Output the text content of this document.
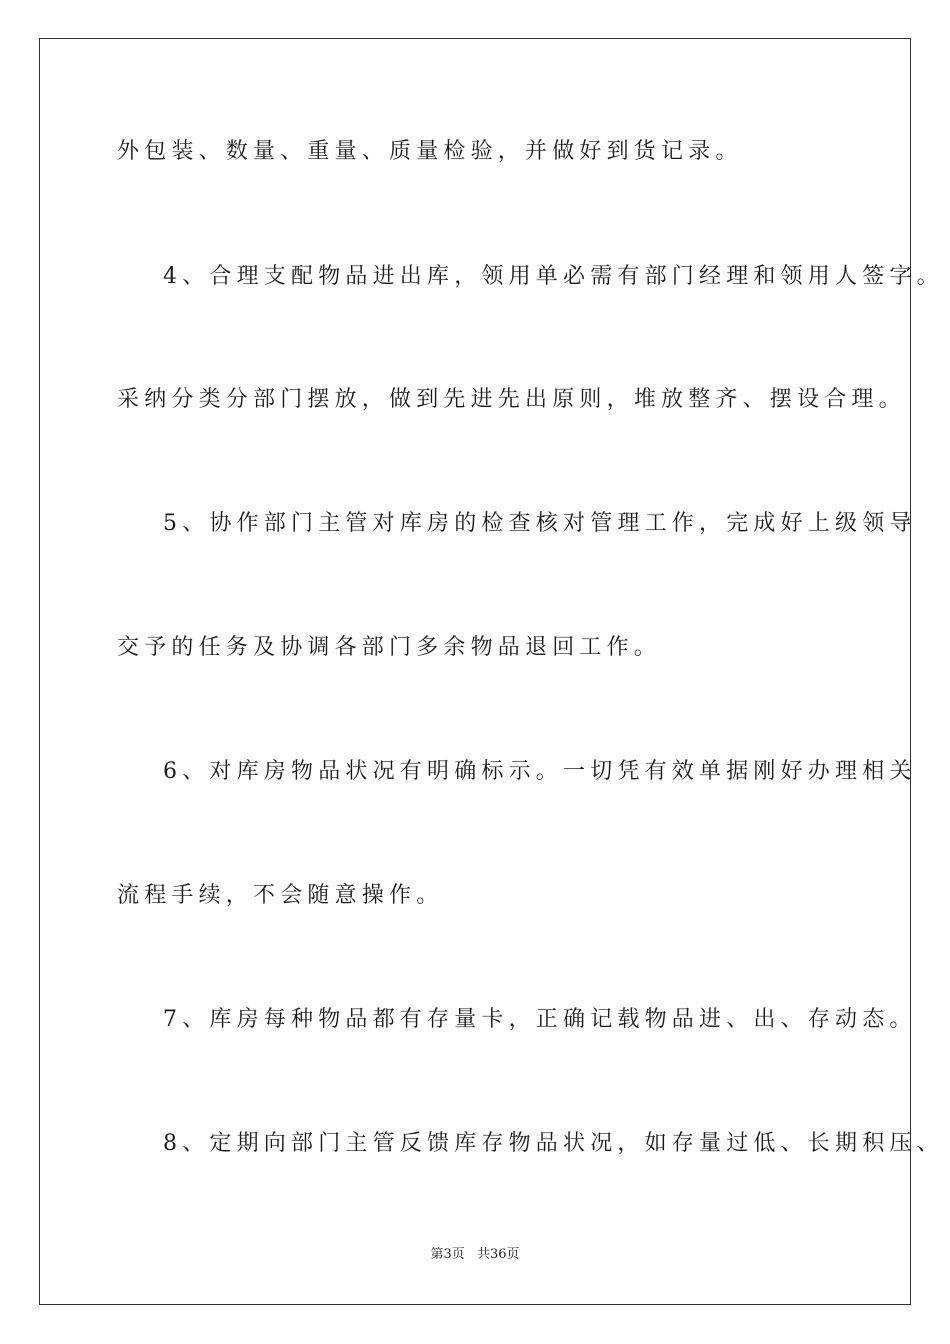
外包装、数量、重量、质量检验，并做好到货记录。
4、合理支配物品进出库，领用单必需有部门经理和领用人签字。
采纳分类分部门摆放，做到先进先出原则，堆放整齐、摆设合理。
5、协作部门主管对库房的检查核对管理工作，完成好上级领导
交予的任务及协调各部门多余物品退回工作。
6、对库房物品状况有明确标示。一切凭有效单据刚好办理相关
流程手续，不会随意操作。
7、库房每种物品都有存量卡，正确记载物品进、出、存动态。
8、定期向部门主管反馈库存物品状况，如存量过低、长期积压、
第3页 共36页
